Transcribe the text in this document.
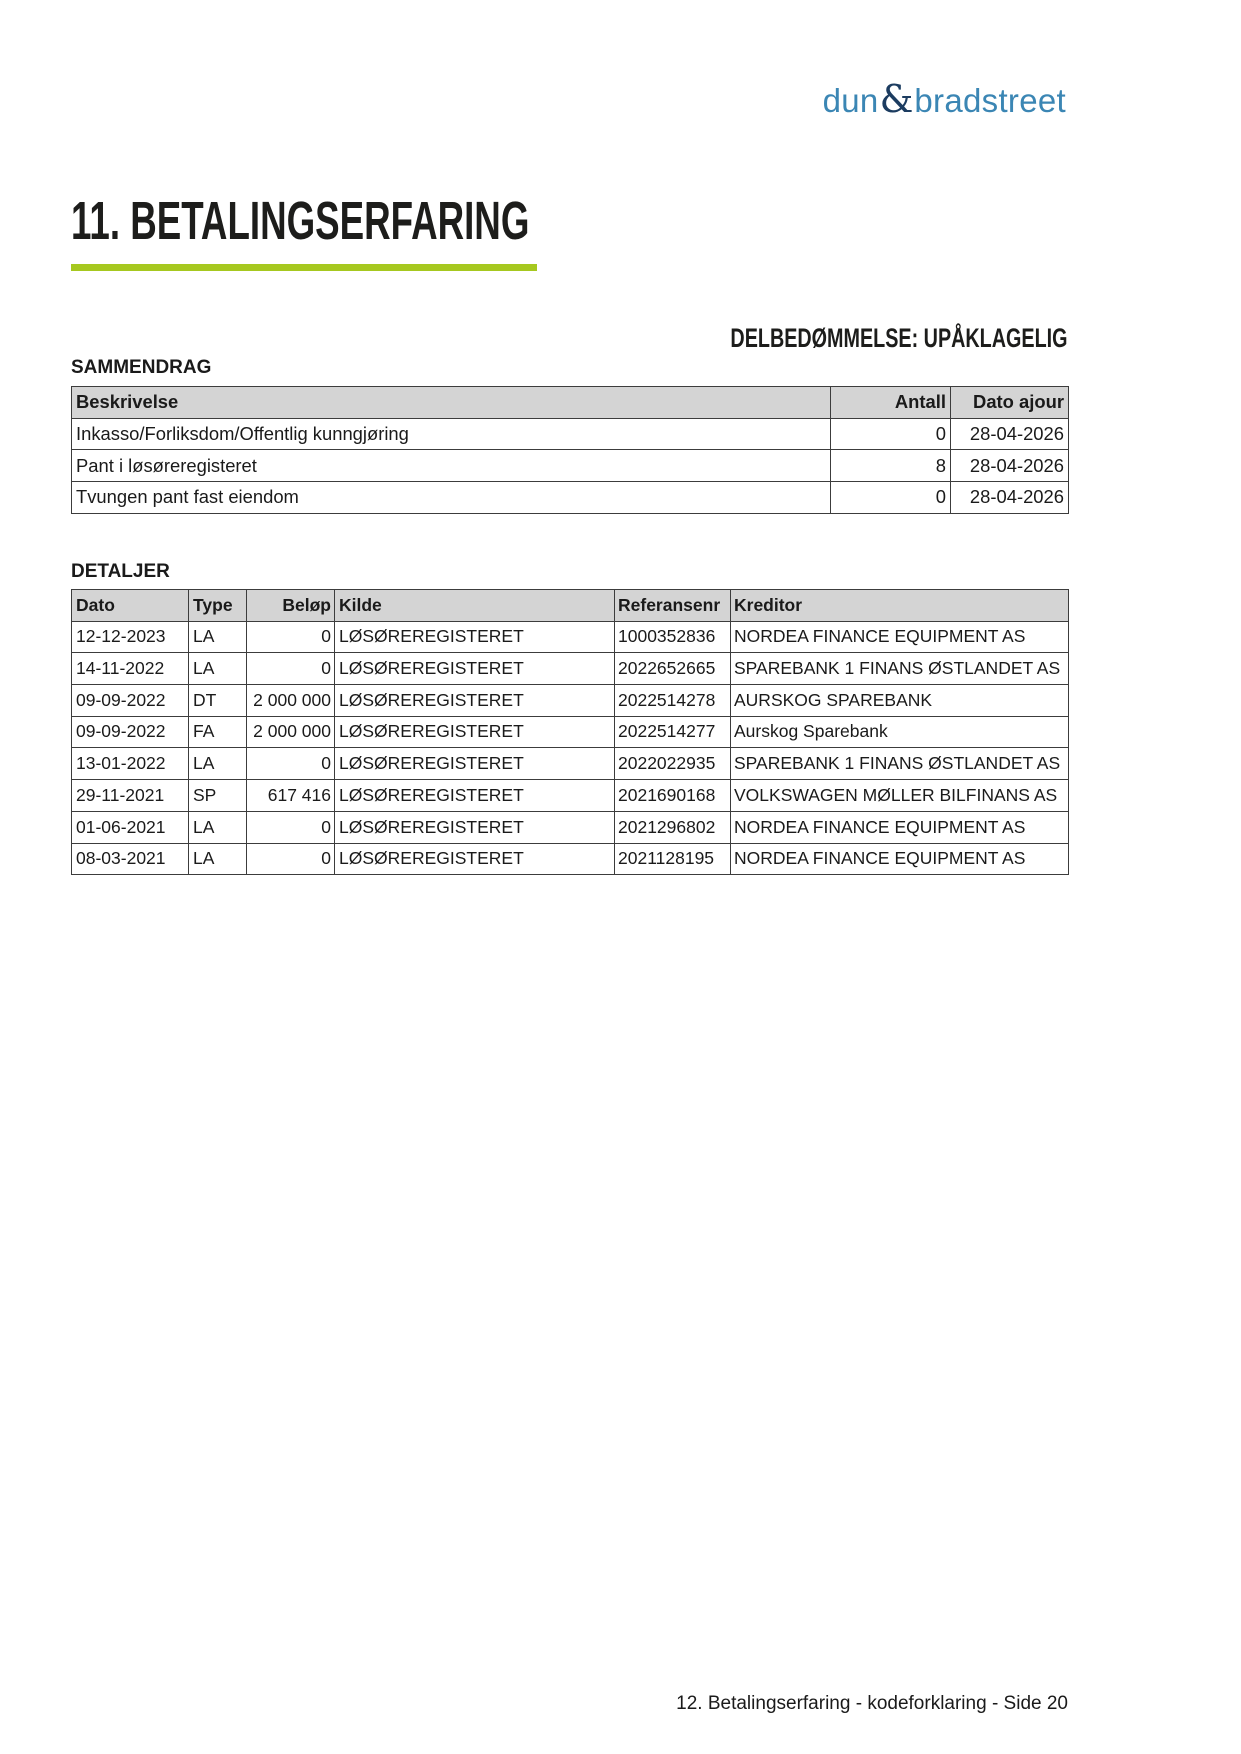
dun & bradstreet
11. BETALINGSERFARING
DELBEDØMMELSE: UPÅKLAGELIG
SAMMENDRAG
Beskrivelse	Antall	Dato ajour
Inkasso/Forliksdom/Offentlig kunngjøring	0	28-04-2026
Pant i løsøreregisteret	8	28-04-2026
Tvungen pant fast eiendom	0	28-04-2026
DETALJER
Dato	Type	Beløp	Kilde	Referansenr	Kreditor
12-12-2023	LA	0	LØSØREREGISTERET	1000352836	NORDEA FINANCE EQUIPMENT AS
14-11-2022	LA	0	LØSØREREGISTERET	2022652665	SPAREBANK 1 FINANS ØSTLANDET AS
09-09-2022	DT	2 000 000	LØSØREREGISTERET	2022514278	AURSKOG SPAREBANK
09-09-2022	FA	2 000 000	LØSØREREGISTERET	2022514277	Aurskog Sparebank
13-01-2022	LA	0	LØSØREREGISTERET	2022022935	SPAREBANK 1 FINANS ØSTLANDET AS
29-11-2021	SP	617 416	LØSØREREGISTERET	2021690168	VOLKSWAGEN MØLLER BILFINANS AS
01-06-2021	LA	0	LØSØREREGISTERET	2021296802	NORDEA FINANCE EQUIPMENT AS
08-03-2021	LA	0	LØSØREREGISTERET	2021128195	NORDEA FINANCE EQUIPMENT AS
12. Betalingserfaring - kodeforklaring - Side 20
